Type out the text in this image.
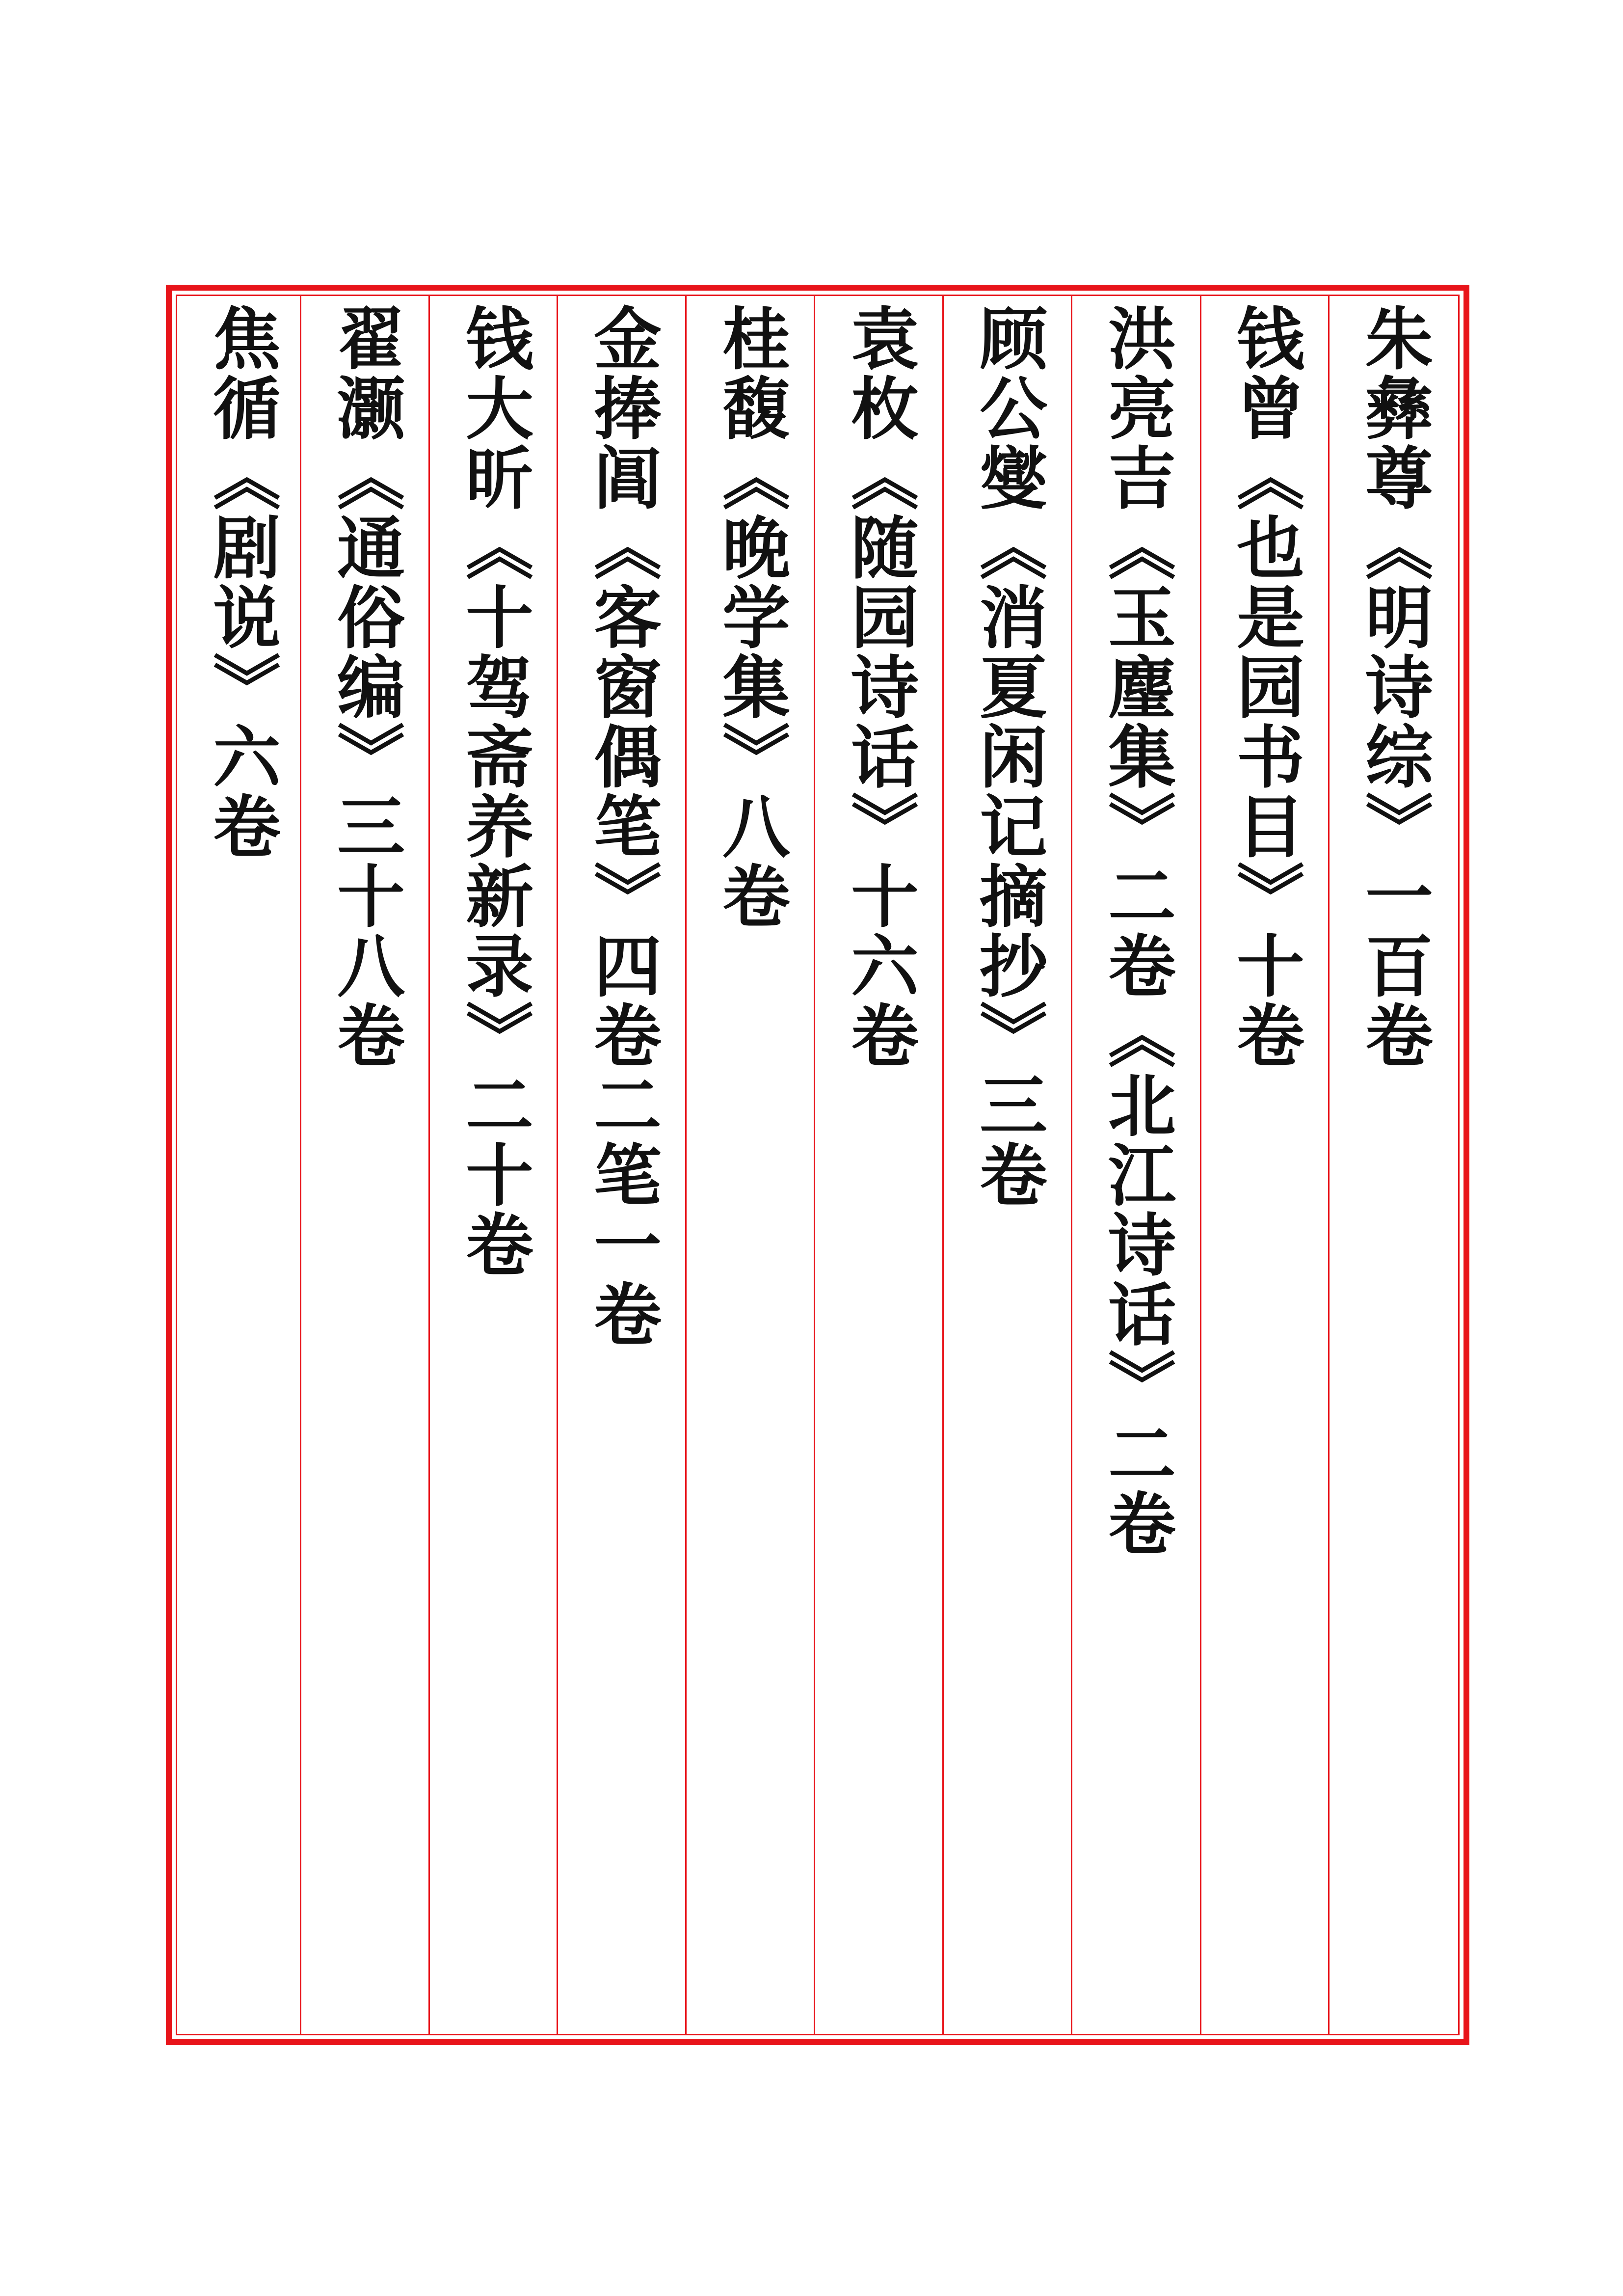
朱彝尊《明诗综》一百卷
钱曾《也是园书目》十卷
洪亮吉《玉麈集》二卷《北江诗话》二卷
顾公燮《消夏闲记摘抄》三卷
袁枚《随园诗话》十六卷
桂馥《晚学集》八卷
金捧阊《客窗偶笔》四卷二笔一卷
钱大昕《十驾斋养新录》二十卷
翟灏《通俗编》三十八卷
焦循《剧说》六卷
